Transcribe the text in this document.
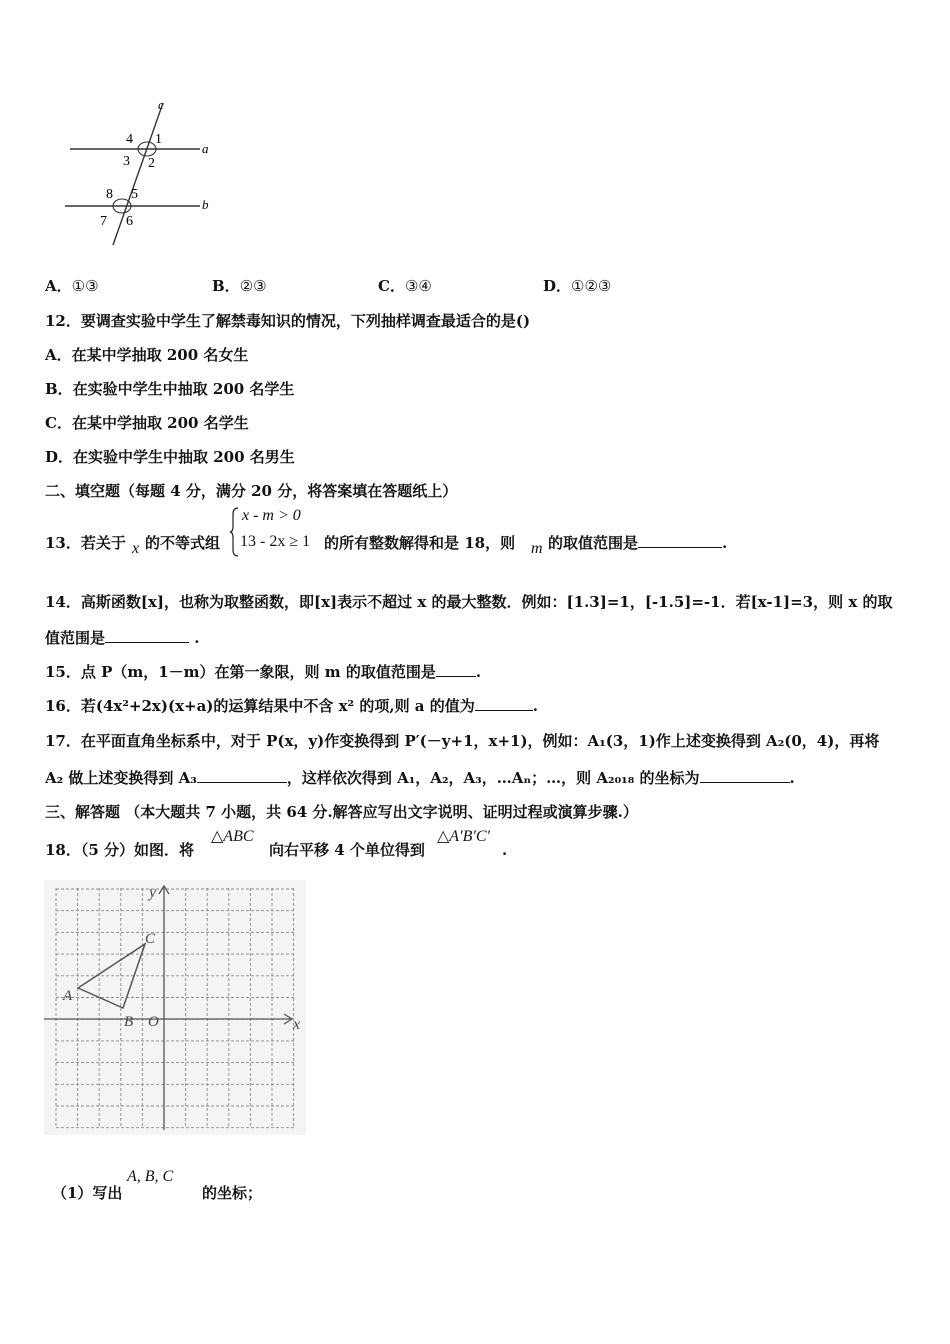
c
a
b
4 1
3 2
8 5
7 6
A．①③	B．②③	C．③④	D．①②③
12．要调查实验中学生了解禁毒知识的情况，下列抽样调查最适合的是()
A．在某中学抽取 200 名女生
B．在实验中学生中抽取 200 名学生
C．在某中学抽取 200 名学生
D．在实验中学生中抽取 200 名男生
二、填空题（每题 4 分，满分 20 分，将答案填在答题纸上）
13．若关于 x 的不等式组
x - m > 0
13 - 2x ≥ 1 的所有整数解得和是 18，则 m 的取值范围是	.
14．高斯函数[x]，也称为取整函数，即[x]表示不超过 x 的最大整数．例如：[1.3]=1，[-1.5]=-1．若[x-1]=3，则 x 的取
值范围是	.
15．点 P（m，1－m）在第一象限，则 m 的取值范围是	.
16．若(4x²+2x)(x+a)的运算结果中不含 x² 的项,则 a 的值为	.
17．在平面直角坐标系中，对于 P(x，y)作变换得到 P′(－y+1，x+1)，例如：A₁(3，1)作上述变换得到 A₂(0，4)，再将
A₂ 做上述变换得到 A₃	，这样依次得到 A₁，A₂，A₃，…Aₙ；…，则 A₂₀₁₈ 的坐标为	.
三、解答题 （本大题共 7 小题，共 64 分.解答应写出文字说明、证明过程或演算步骤.）
18．（5 分）如图．将
△ABC
向右平移 4 个单位得到
△A′B′C′
.
x
y
A
B
C
O
（1）写出
A, B, C
的坐标；
